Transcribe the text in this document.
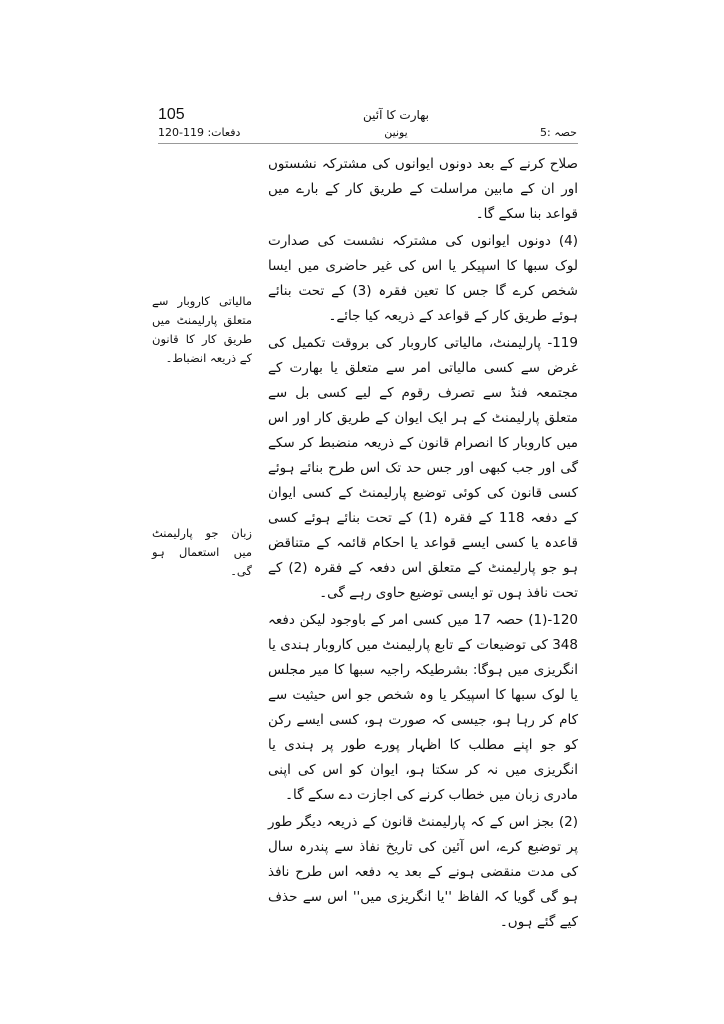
105
دفعات: 119-120
بھارت کا آئین
یونین	حصہ :5

صلاح کرنے کے بعد دونوں ایوانوں کی مشترکہ نشستوں اور ان کے مابین مراسلت کے طریق کار کے بارے میں قواعد بنا سکے گا۔

(4) دونوں ایوانوں کی مشترکہ نشست کی صدارت لوک سبھا کا اسپیکر یا اس کی غیر حاضری میں ایسا شخص کرے گا جس کا تعین فقرہ (3) کے تحت بنائے ہوئے طریق کار کے قواعد کے ذریعہ کیا جائے۔

119- پارلیمنٹ، مالیاتی کاروبار کی بروقت تکمیل کی غرض سے کسی مالیاتی امر سے متعلق یا بھارت کے مجتمعہ فنڈ سے تصرف رقوم کے لیے کسی بل سے متعلق پارلیمنٹ کے ہر ایک ایوان کے طریق کار اور اس میں کاروبار کا انصرام قانون کے ذریعہ منضبط کر سکے گی اور جب کبھی اور جس حد تک اس طرح بنائے ہوئے کسی قانون کی کوئی توضیع پارلیمنٹ کے کسی ایوان کے دفعہ 118 کے فقرہ (1) کے تحت بنائے ہوئے کسی قاعدہ یا کسی ایسے قواعد یا احکام قائمہ کے متناقض ہو جو پارلیمنٹ کے متعلق اس دفعہ کے فقرہ (2) کے تحت نافذ ہوں تو ایسی توضیع حاوی رہے گی۔

120-(1) حصہ 17 میں کسی امر کے باوجود لیکن دفعہ 348 کی توضیعات کے تابع پارلیمنٹ میں کاروبار ہندی یا انگریزی میں ہوگا: بشرطیکہ راجیہ سبھا کا میر مجلس یا لوک سبھا کا اسپیکر یا وہ شخص جو اس حیثیت سے کام کر رہا ہو، جیسی کہ صورت ہو، کسی ایسے رکن کو جو اپنے مطلب کا اظہار پورے طور پر ہندی یا انگریزی میں نہ کر سکتا ہو، ایوان کو اس کی اپنی مادری زبان میں خطاب کرنے کی اجازت دے سکے گا۔

(2) بجز اس کے کہ پارلیمنٹ قانون کے ذریعہ دیگر طور پر توضیع کرے، اس آئین کی تاریخ نفاذ سے پندرہ سال کی مدت منقضی ہونے کے بعد یہ دفعہ اس طرح نافذ ہو گی گویا کہ الفاظ ''یا انگریزی میں'' اس سے حذف کیے گئے ہوں۔

مالیاتی کاروبار سے متعلق پارلیمنٹ میں طریق کار کا قانون کے ذریعہ انضباط۔
زبان جو پارلیمنٹ میں استعمال ہو گی۔
